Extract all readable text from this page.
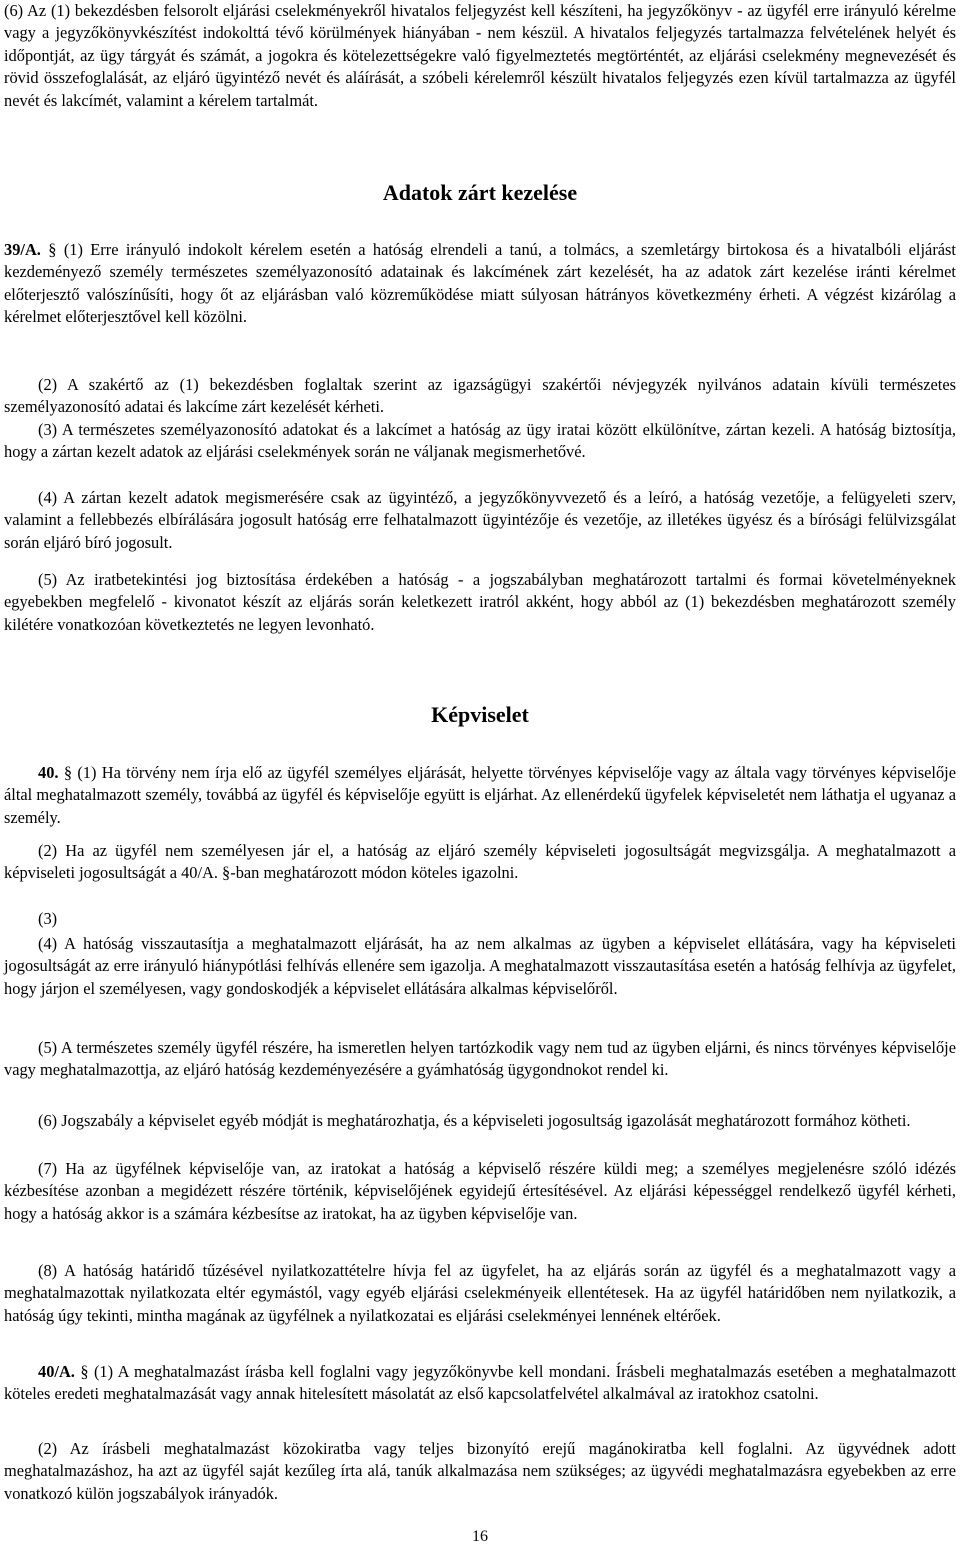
(6) Az (1) bekezdésben felsorolt eljárási cselekményekről hivatalos feljegyzést kell készíteni, ha jegyzőkönyv - az ügyfél erre irányuló kérelme vagy a jegyzőkönyvkészítést indokolttá tévő körülmények hiányában - nem készül. A hivatalos feljegyzés tartalmazza felvételének helyét és időpontját, az ügy tárgyát és számát, a jogokra és kötelezettségekre való figyelmeztetés megtörténtét, az eljárási cselekmény megnevezését és rövid összefoglalását, az eljáró ügyintéző nevét és aláírását, a szóbeli kérelemről készült hivatalos feljegyzés ezen kívül tartalmazza az ügyfél nevét és lakcímét, valamint a kérelem tartalmát.

Adatok zárt kezelése

39/A. § (1) Erre irányuló indokolt kérelem esetén a hatóság elrendeli a tanú, a tolmács, a szemletárgy birtokosa és a hivatalbóli eljárást kezdeményező személy természetes személyazonosító adatainak és lakcímének zárt kezelését, ha az adatok zárt kezelése iránti kérelmet előterjesztő valószínűsíti, hogy őt az eljárásban való közreműködése miatt súlyosan hátrányos következmény érheti. A végzést kizárólag a kérelmet előterjesztővel kell közölni.

(2) A szakértő az (1) bekezdésben foglaltak szerint az igazságügyi szakértői névjegyzék nyilvános adatain kívüli természetes személyazonosító adatai és lakcíme zárt kezelését kérheti.

(3) A természetes személyazonosító adatokat és a lakcímet a hatóság az ügy iratai között elkülönítve, zártan kezeli. A hatóság biztosítja, hogy a zártan kezelt adatok az eljárási cselekmények során ne váljanak megismerhetővé.

(4) A zártan kezelt adatok megismerésére csak az ügyintéző, a jegyzőkönyvvezető és a leíró, a hatóság vezetője, a felügyeleti szerv, valamint a fellebbezés elbírálására jogosult hatóság erre felhatalmazott ügyintézője és vezetője, az illetékes ügyész és a bírósági felülvizsgálat során eljáró bíró jogosult.

(5) Az iratbetekintési jog biztosítása érdekében a hatóság - a jogszabályban meghatározott tartalmi és formai követelményeknek egyebekben megfelelő - kivonatot készít az eljárás során keletkezett iratról akként, hogy abból az (1) bekezdésben meghatározott személy kilétére vonatkozóan következtetés ne legyen levonható.

Képviselet

40. § (1) Ha törvény nem írja elő az ügyfél személyes eljárását, helyette törvényes képviselője vagy az általa vagy törvényes képviselője által meghatalmazott személy, továbbá az ügyfél és képviselője együtt is eljárhat. Az ellenérdekű ügyfelek képviseletét nem láthatja el ugyanaz a személy.

(2) Ha az ügyfél nem személyesen jár el, a hatóság az eljáró személy képviseleti jogosultságát megvizsgálja. A meghatalmazott a képviseleti jogosultságát a 40/A. §-ban meghatározott módon köteles igazolni.

(3)

(4) A hatóság visszautasítja a meghatalmazott eljárását, ha az nem alkalmas az ügyben a képviselet ellátására, vagy ha képviseleti jogosultságát az erre irányuló hiánypótlási felhívás ellenére sem igazolja. A meghatalmazott visszautasítása esetén a hatóság felhívja az ügyfelet, hogy járjon el személyesen, vagy gondoskodjék a képviselet ellátására alkalmas képviselőről.

(5) A természetes személy ügyfél részére, ha ismeretlen helyen tartózkodik vagy nem tud az ügyben eljárni, és nincs törvényes képviselője vagy meghatalmazottja, az eljáró hatóság kezdeményezésére a gyámhatóság ügygondnokot rendel ki.

(6) Jogszabály a képviselet egyéb módját is meghatározhatja, és a képviseleti jogosultság igazolását meghatározott formához kötheti.

(7) Ha az ügyfélnek képviselője van, az iratokat a hatóság a képviselő részére küldi meg; a személyes megjelenésre szóló idézés kézbesítése azonban a megidézett részére történik, képviselőjének egyidejű értesítésével. Az eljárási képességgel rendelkező ügyfél kérheti, hogy a hatóság akkor is a számára kézbesítse az iratokat, ha az ügyben képviselője van.

(8) A hatóság határidő tűzésével nyilatkozattételre hívja fel az ügyfelet, ha az eljárás során az ügyfél és a meghatalmazott vagy a meghatalmazottak nyilatkozata eltér egymástól, vagy egyéb eljárási cselekményeik ellentétesek. Ha az ügyfél határidőben nem nyilatkozik, a hatóság úgy tekinti, mintha magának az ügyfélnek a nyilatkozatai es eljárási cselekményei lennének eltérőek.

40/A. § (1) A meghatalmazást írásba kell foglalni vagy jegyzőkönyvbe kell mondani. Írásbeli meghatalmazás esetében a meghatalmazott köteles eredeti meghatalmazását vagy annak hitelesített másolatát az első kapcsolatfelvétel alkalmával az iratokhoz csatolni.

(2) Az írásbeli meghatalmazást közokiratba vagy teljes bizonyító erejű magánokiratba kell foglalni. Az ügyvédnek adott meghatalmazáshoz, ha azt az ügyfél saját kezűleg írta alá, tanúk alkalmazása nem szükséges; az ügyvédi meghatalmazásra egyebekben az erre vonatkozó külön jogszabályok irányadók.

16
